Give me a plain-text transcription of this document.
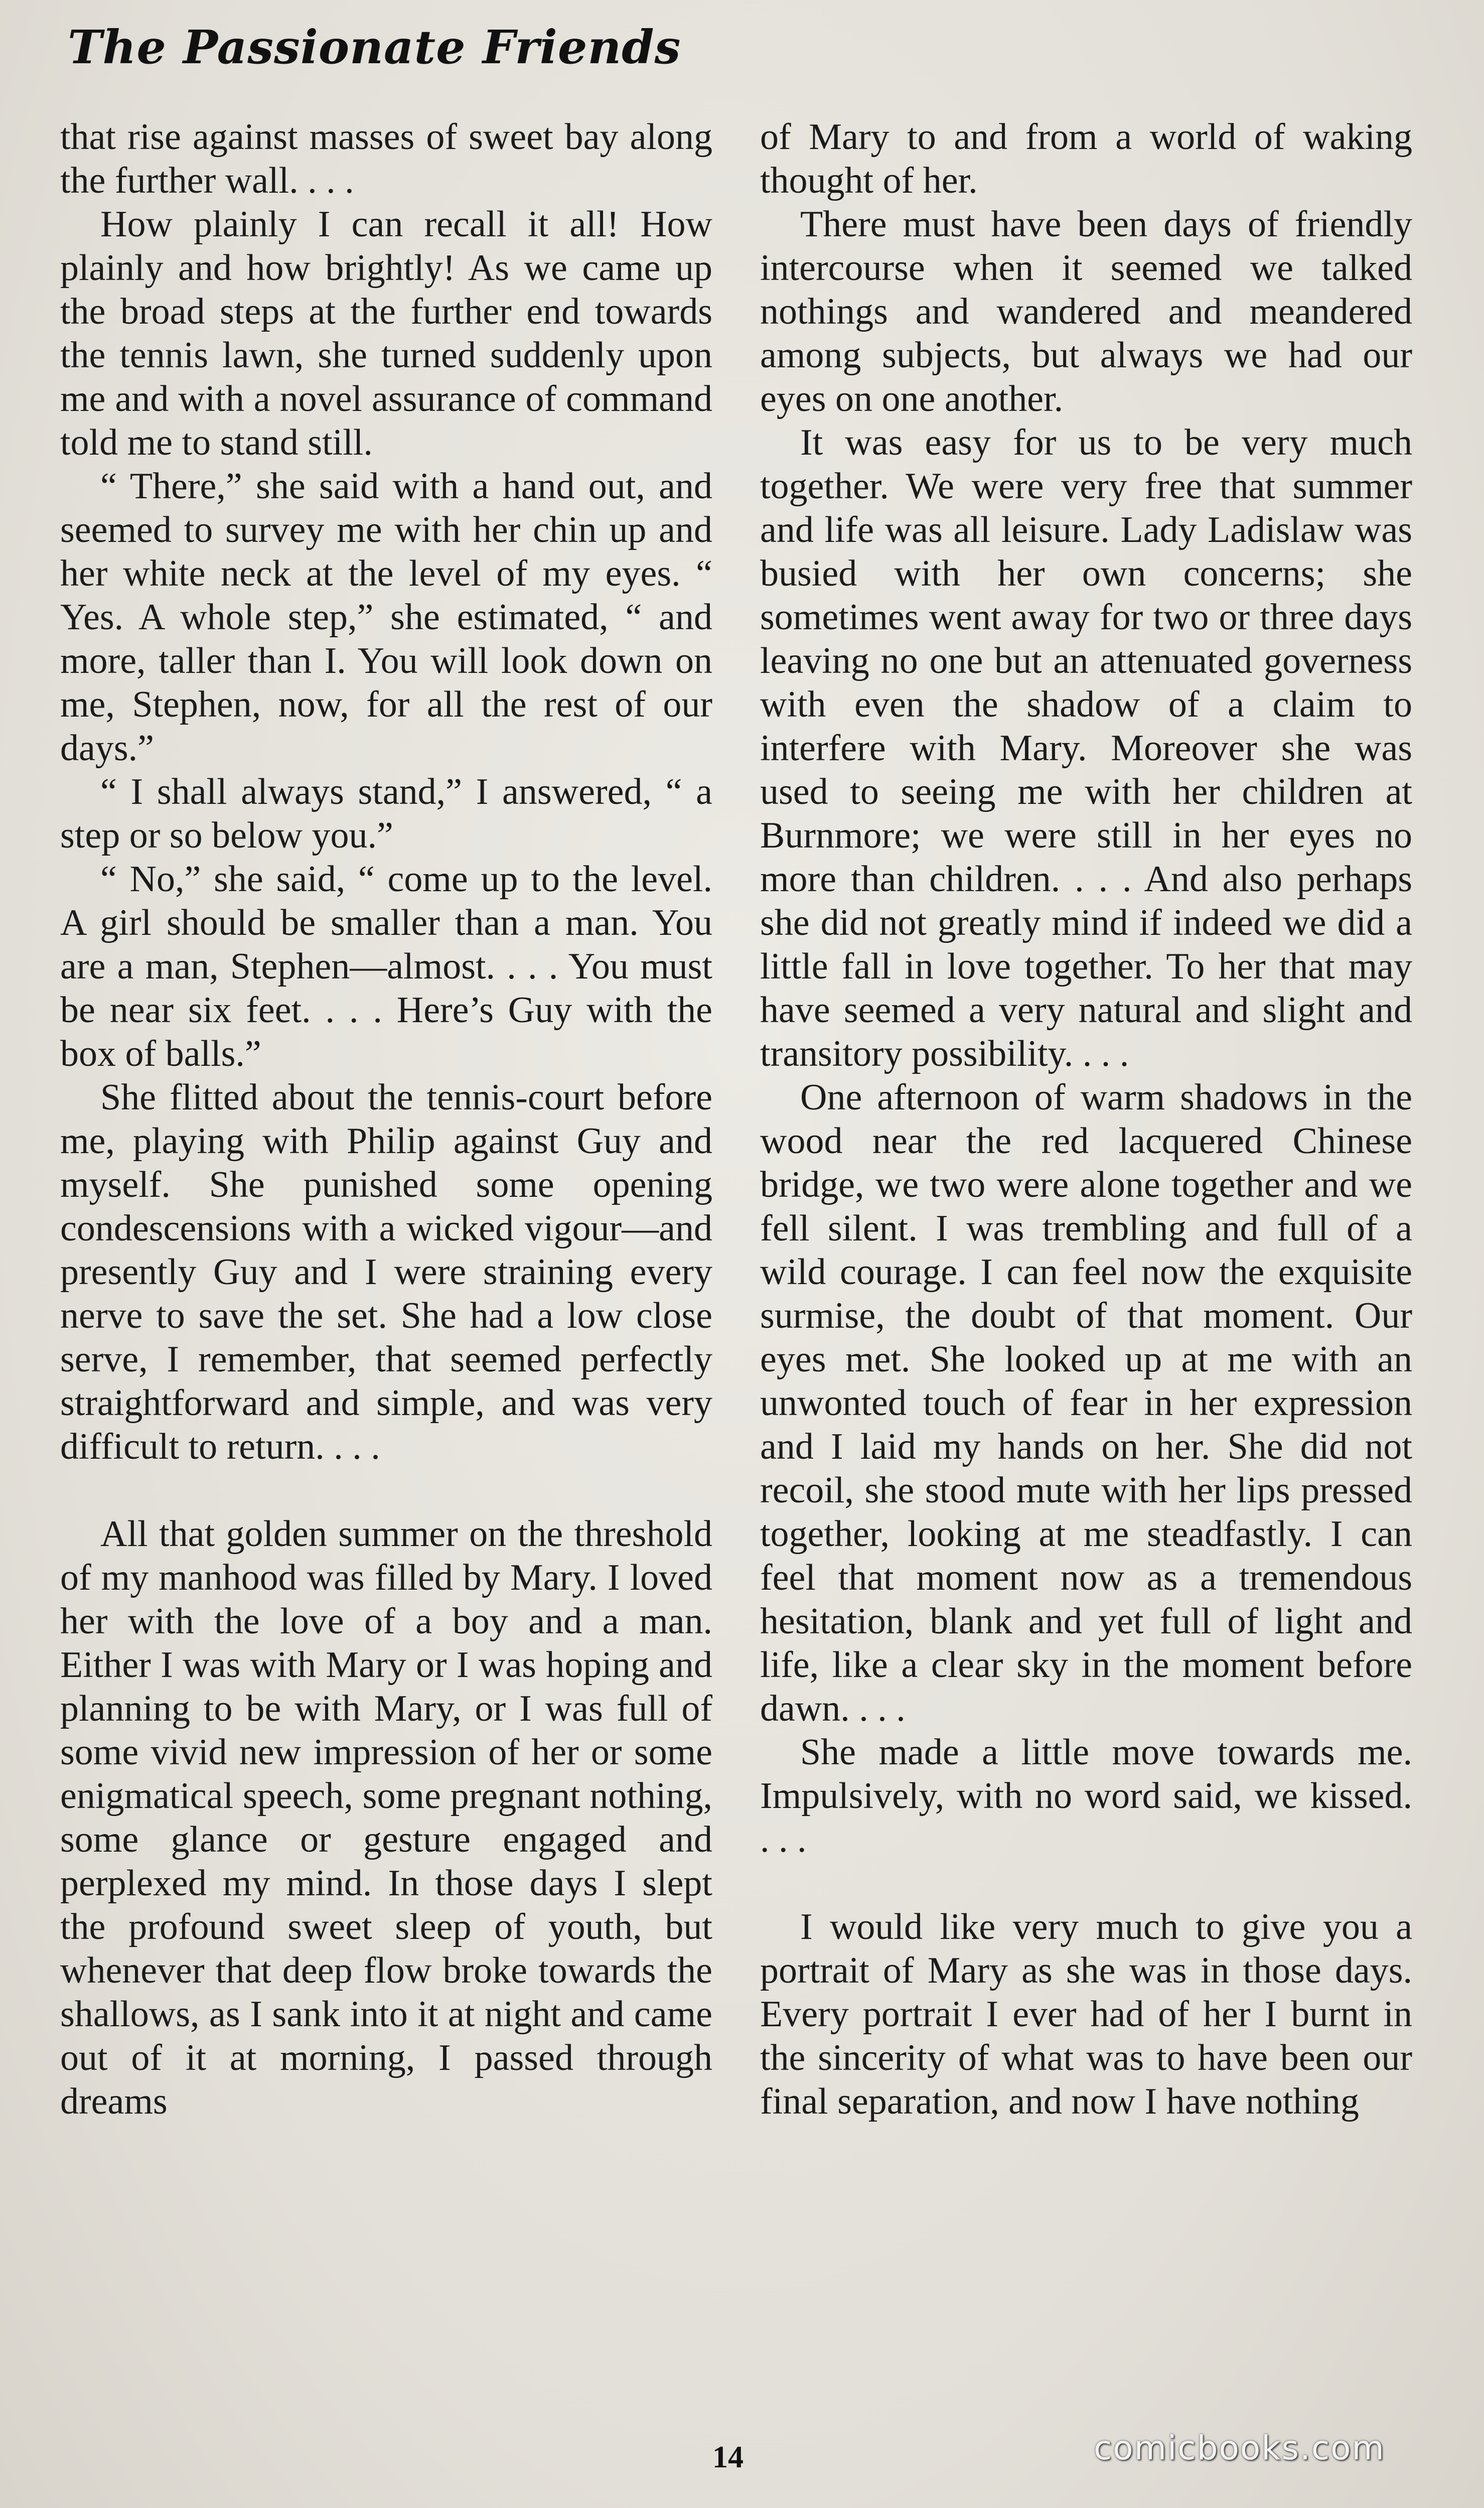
The Passionate Friends

that rise against masses of sweet bay along the further wall. . . .

How plainly I can recall it all! How plainly and how brightly! As we came up the broad steps at the further end towards the tennis lawn, she turned suddenly upon me and with a novel assurance of command told me to stand still.

“ There,” she said with a hand out, and seemed to survey me with her chin up and her white neck at the level of my eyes. “ Yes. A whole step,” she estimated, “ and more, taller than I. You will look down on me, Stephen, now, for all the rest of our days.”

“ I shall always stand,” I answered, “ a step or so below you.”

“ No,” she said, “ come up to the level. A girl should be smaller than a man. You are a man, Stephen—almost. . . . You must be near six feet. . . . Here’s Guy with the box of balls.”

She flitted about the tennis-court before me, playing with Philip against Guy and myself. She punished some opening condescensions with a wicked vigour—and presently Guy and I were straining every nerve to save the set. She had a low close serve, I remember, that seemed perfectly straightforward and simple, and was very difficult to return. . . .

All that golden summer on the threshold of my manhood was filled by Mary. I loved her with the love of a boy and a man. Either I was with Mary or I was hoping and planning to be with Mary, or I was full of some vivid new impression of her or some enigmatical speech, some pregnant nothing, some glance or gesture engaged and perplexed my mind. In those days I slept the profound sweet sleep of youth, but whenever that deep flow broke towards the shallows, as I sank into it at night and came out of it at morning, I passed through dreams

of Mary to and from a world of waking thought of her.

There must have been days of friendly intercourse when it seemed we talked nothings and wandered and meandered among subjects, but always we had our eyes on one another.

It was easy for us to be very much together. We were very free that summer and life was all leisure. Lady Ladislaw was busied with her own concerns; she sometimes went away for two or three days leaving no one but an attenuated governess with even the shadow of a claim to interfere with Mary. Moreover she was used to seeing me with her children at Burnmore; we were still in her eyes no more than children. . . . And also perhaps she did not greatly mind if indeed we did a little fall in love together. To her that may have seemed a very natural and slight and transitory possibility. . . .

One afternoon of warm shadows in the wood near the red lacquered Chinese bridge, we two were alone together and we fell silent. I was trembling and full of a wild courage. I can feel now the exquisite surmise, the doubt of that moment. Our eyes met. She looked up at me with an unwonted touch of fear in her expression and I laid my hands on her. She did not recoil, she stood mute with her lips pressed together, looking at me steadfastly. I can feel that moment now as a tremendous hesitation, blank and yet full of light and life, like a clear sky in the moment before dawn. . . .

She made a little move towards me. Impulsively, with no word said, we kissed. . . .

I would like very much to give you a portrait of Mary as she was in those days. Every portrait I ever had of her I burnt in the sincerity of what was to have been our final separation, and now I have nothing

14	comicbooks.com
